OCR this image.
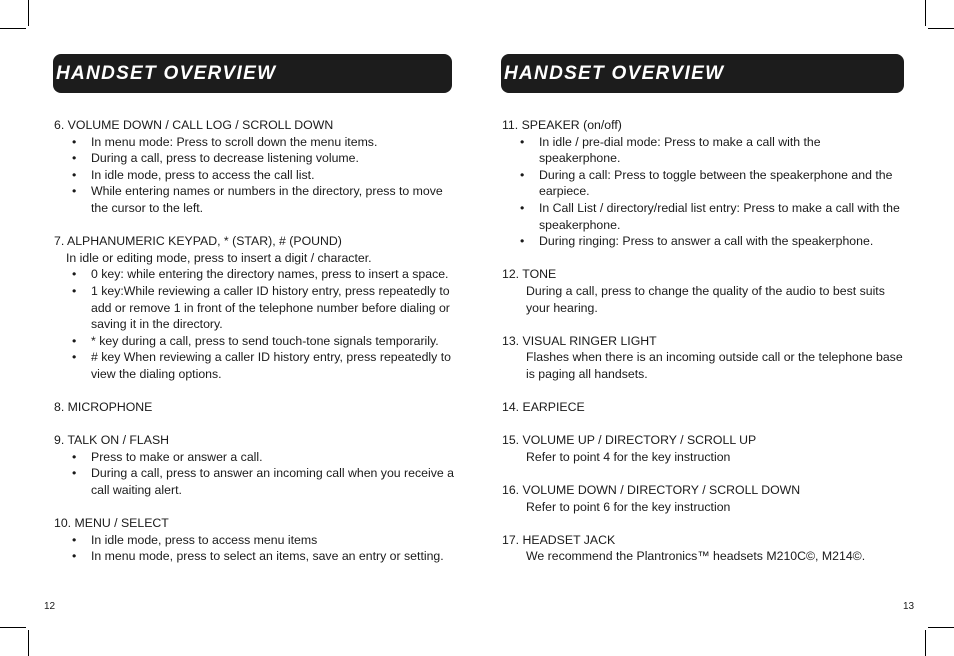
HANDSET OVERVIEW
6. VOLUME DOWN / CALL LOG / SCROLL DOWN
• In menu mode: Press to scroll down the menu items.
• During a call, press to decrease listening volume.
• In idle mode, press to access the call list.
• While entering names or numbers in the directory, press to move the cursor to the left.
7. ALPHANUMERIC KEYPAD, * (STAR), # (POUND)
In idle or editing mode, press to insert a digit / character.
• 0 key: while entering the directory names, press to insert a space.
• 1 key:While reviewing a caller ID history entry, press repeatedly to add or remove 1 in front of the telephone number before dialing or saving it in the directory.
• * key during a call, press to send touch-tone signals temporarily.
• # key When reviewing a caller ID history entry, press repeatedly to view the dialing options.
8. MICROPHONE
9. TALK ON / FLASH
• Press to make or answer a call.
• During a call, press to answer an incoming call when you receive a call waiting alert.
10. MENU / SELECT
• In idle mode, press to access menu items
• In menu mode, press to select an items, save an entry or setting.
12
HANDSET OVERVIEW
11. SPEAKER (on/off)
• In idle / pre-dial mode: Press to make a call with the speakerphone.
• During a call: Press to toggle between the speakerphone and the earpiece.
• In Call List / directory/redial list entry: Press to make a call with the speakerphone.
• During ringing: Press to answer a call with the speakerphone.
12. TONE
During a call, press to change the quality of the audio to best suits your hearing.
13. VISUAL RINGER LIGHT
Flashes when there is an incoming outside call or the telephone base is paging all handsets.
14. EARPIECE
15. VOLUME UP / DIRECTORY / SCROLL UP
Refer to point 4 for the key instruction
16. VOLUME DOWN / DIRECTORY / SCROLL DOWN
Refer to point 6 for the key instruction
17. HEADSET JACK
We recommend the Plantronics™ headsets M210C©, M214©.
13
